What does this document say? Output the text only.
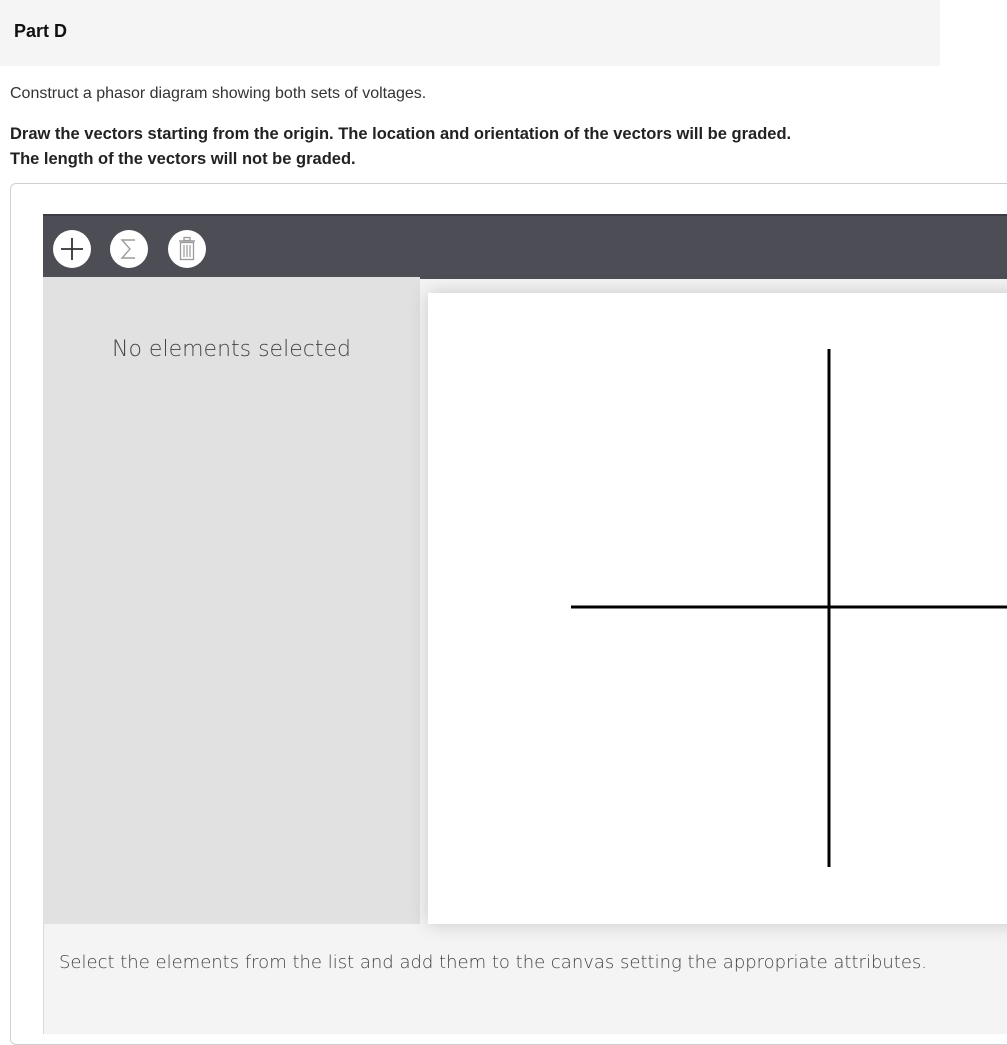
Part D
Construct a phasor diagram showing both sets of voltages.
Draw the vectors starting from the origin. The location and orientation of the vectors will be graded.
The length of the vectors will not be graded.
No elements selected
Select the elements from the list and add them to the canvas setting the appropriate attributes.
